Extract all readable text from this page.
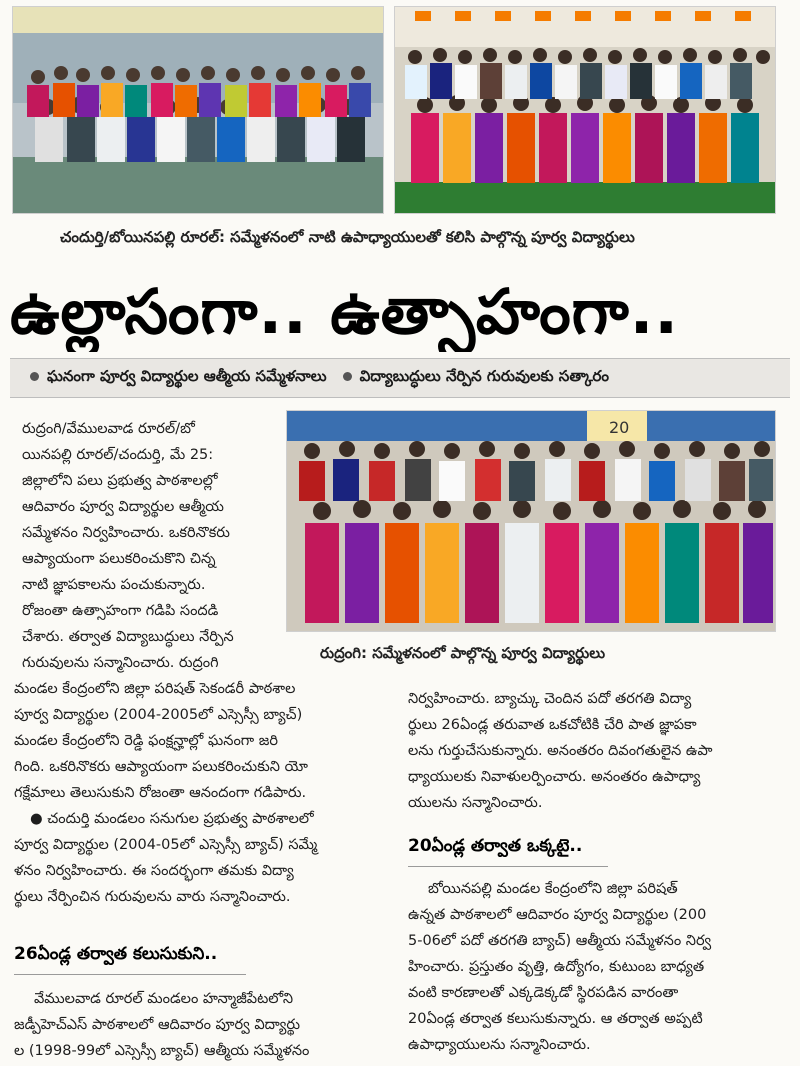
చందుర్తి/బోయినపల్లి రూరల్: సమ్మేళనంలో నాటి ఉపాధ్యాయులతో కలిసి పాల్గొన్న పూర్వ విద్యార్థులు
ఉల్లాసంగా.. ఉత్సాహంగా..
ఘనంగా పూర్వ విద్యార్థుల ఆత్మీయ సమ్మేళనాలు	విద్యాబుద్ధులు నేర్పిన గురువులకు సత్కారం
20
రుద్రంగి: సమ్మేళనంలో పాల్గొన్న పూర్వ విద్యార్థులు
రుద్రంగి/వేములవాడ రూరల్/బో
యినపల్లి రూరల్/చందుర్తి, మే 25:
జిల్లాలోని పలు ప్రభుత్వ పాఠశాలల్లో
ఆదివారం పూర్వ విద్యార్థుల ఆత్మీయ
సమ్మేళనం నిర్వహించారు. ఒకరినొకరు
ఆప్యాయంగా పలుకరించుకొని చిన్న
నాటి జ్ఞాపకాలను పంచుకున్నారు.
రోజంతా ఉత్సాహంగా గడిపి సందడి
చేశారు. తర్వాత విద్యాబుద్ధులు నేర్పిన
గురువులను సన్మానించారు. రుద్రంగి
మండల కేంద్రంలోని జిల్లా పరిషత్ సెకండరీ పాఠశాల
పూర్వ విద్యార్థుల (2004-2005లో ఎస్సెస్సీ బ్యాచ్)
మండల కేంద్రంలోని రెడ్డి ఫంక్షన్హాల్లో ఘనంగా జరి
గింది. ఒకరినొకరు ఆప్యాయంగా పలుకరించుకుని యో
గక్షేమాలు తెలుసుకుని రోజంతా ఆనందంగా గడిపారు.
● చందుర్తి మండలం సనుగుల ప్రభుత్వ పాఠశాలలో
పూర్వ విద్యార్థుల (2004-05లో ఎస్సెస్సీ బ్యాచ్) సమ్మే
ళనం నిర్వహించారు. ఈ సందర్భంగా తమకు విద్యా
ర్థులు నేర్పించిన గురువులను వారు సన్మానించారు.
26ఏండ్ల తర్వాత కలుసుకుని..
వేములవాడ రూరల్ మండలం హన్మాజీపేటలోని
జడ్పీహెచ్ఎస్ పాఠశాలలో ఆదివారం పూర్వ విద్యార్థు
ల (1998-99లో ఎస్సెస్సీ బ్యాచ్) ఆత్మీయ సమ్మేళనం
నిర్వహించారు. బ్యాచ్కు చెందిన పదో తరగతి విద్యా
ర్థులు 26ఏండ్ల తరువాత ఒకచోటికి చేరి పాత జ్ఞాపకా
లను గుర్తుచేసుకున్నారు. అనంతరం దివంగతులైన ఉపా
ధ్యాయులకు నివాళులర్పించారు. అనంతరం ఉపాధ్యా
యులను సన్మానించారు.
20ఏండ్ల తర్వాత ఒక్కటై..
బోయినపల్లి మండల కేంద్రంలోని జిల్లా పరిషత్
ఉన్నత పాఠశాలలో ఆదివారం పూర్వ విద్యార్థుల (200
5-06లో పదో తరగతి బ్యాచ్) ఆత్మీయ సమ్మేళనం నిర్వ
హించారు. ప్రస్తుతం వృత్తి, ఉద్యోగం, కుటుంబ బాధ్యత
వంటి కారణాలతో ఎక్కడెక్కడో స్థిరపడిన వారంతా
20ఏండ్ల తర్వాత కలుసుకున్నారు. ఆ తర్వాత అప్పటి
ఉపాధ్యాయులను సన్మానించారు.
